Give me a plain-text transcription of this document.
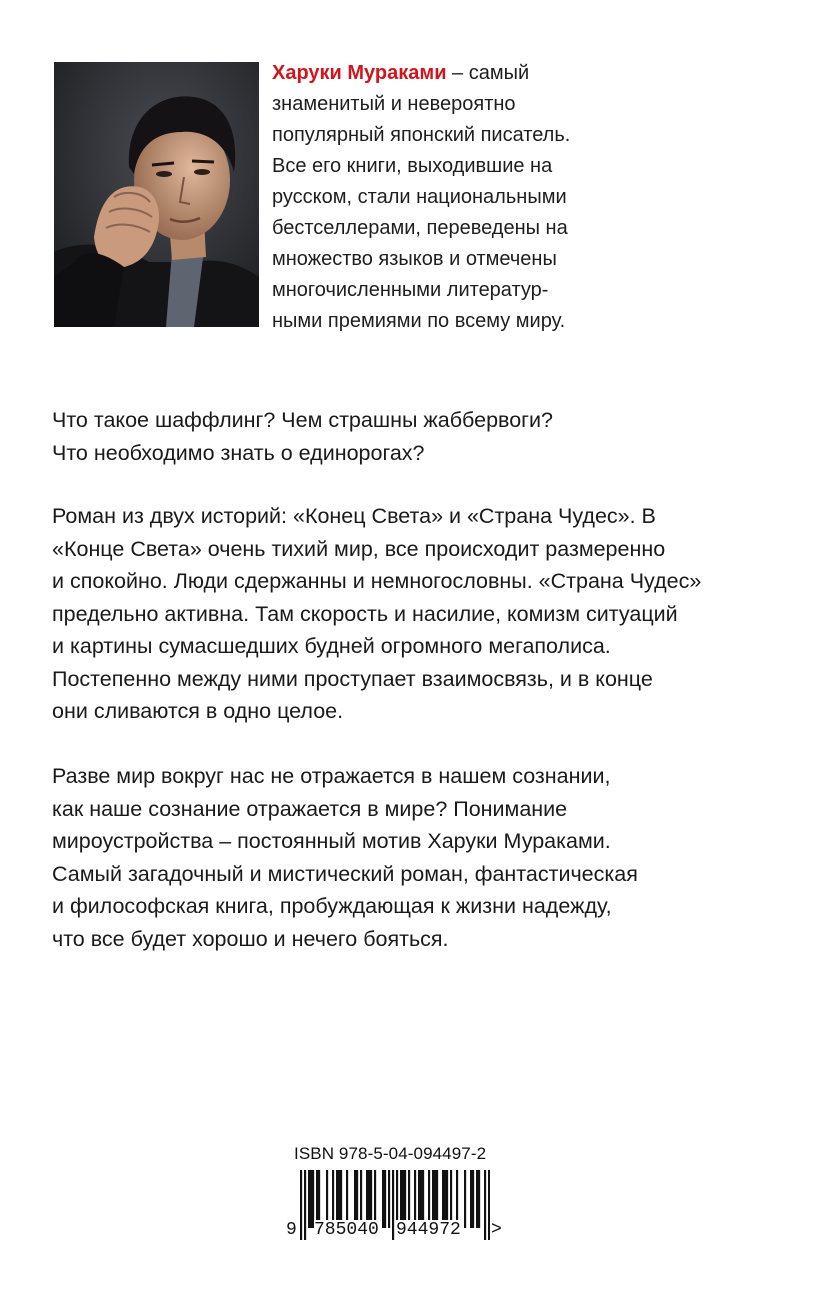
Харуки Мураками – самый
знаменитый и невероятно
популярный японский писатель.
Все его книги, выходившие на
русском, стали национальными
бестселлерами, переведены на
множество языков и отмечены
многочисленными литератур-
ными премиями по всему миру.
Что такое шаффлинг? Чем страшны жаббервоги?
Что необходимо знать о единорогах?
Роман из двух историй: «Конец Света» и «Страна Чудес». В
«Конце Света» очень тихий мир, все происходит размеренно
и спокойно. Люди сдержанны и немногословны. «Страна Чудес»
предельно активна. Там скорость и насилие, комизм ситуаций
и картины сумасшедших будней огромного мегаполиса.
Постепенно между ними проступает взаимосвязь, и в конце
они сливаются в одно целое.
Разве мир вокруг нас не отражается в нашем сознании,
как наше сознание отражается в мире? Понимание
мироустройства – постоянный мотив Харуки Мураками.
Самый загадочный и мистический роман, фантастическая
и философская книга, пробуждающая к жизни надежду,
что все будет хорошо и нечего бояться.
ISBN 978-5-04-094497-2
9 785040 944972 >
